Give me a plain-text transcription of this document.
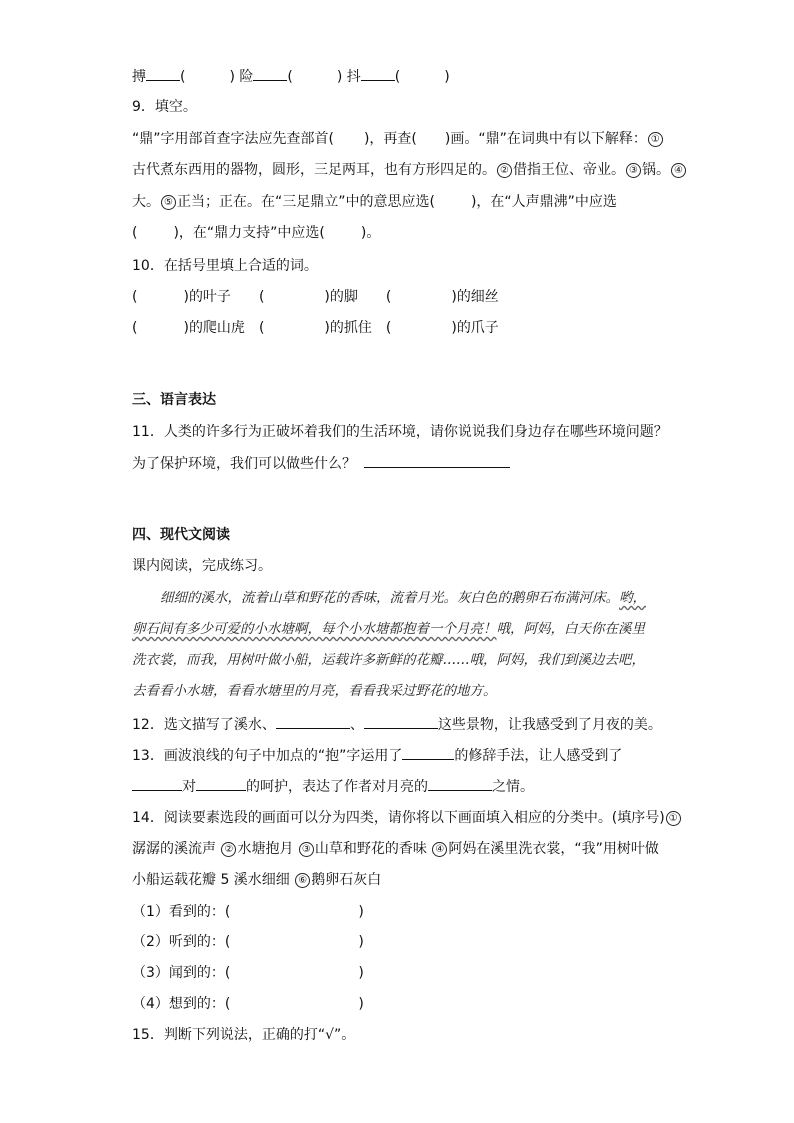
搏 (	) 险 (	) 抖 (	)
9．填空。
“鼎”字用部首查字法应先查部首( )，再查( )画。“鼎”在词典中有以下解释： ①
古代煮东西用的器物，圆形，三足两耳，也有方形四足的。 ② 借指王位、帝业。 ③ 锅。 ④
大。 ⑤ 正当；正在。在“三足鼎立”中的意思应选(	)，在“人声鼎沸”中应选
(	)，在“鼎力支持”中应选(	)。
10．在括号里填上合适的词。
(	)的叶子 (	)的脚 (	)的细丝
(	)的爬山虎 (	)的抓住 (	)的爪子
三、语言表达
11．人类的许多行为正破坏着我们的生活环境，请你说说我们身边存在哪些环境问题？
为了保护环境，我们可以做些什么？
四、现代文阅读
课内阅读，完成练习。
细细的溪水，流着山草和野花的香味，流着月光。灰白色的鹅卵石布满河床。哟，
卵石间有多少可爱的小水塘啊，每个小水塘都抱着一个月亮！哦，阿妈，白天你在溪里
洗衣裳，而我，用树叶做小船，运载许多新鲜的花瓣……哦，阿妈，我们到溪边去吧，
去看看小水塘，看看水塘里的月亮，看看我采过野花的地方。
12．选文描写了溪水、	、	这些景物，让我感受到了月夜的美。
13．画波浪线的句子中加点的“抱”字运用了	的修辞手法，让人感受到了
对	的呵护，表达了作者对月亮的	之情。
14．阅读要素选段的画面可以分为四类，请你将以下画面填入相应的分类中。(填序号) ①
潺潺的溪流声 ② 水塘抱月 ③ 山草和野花的香味 ④ 阿妈在溪里洗衣裳，“我”用树叶做
小船运载花瓣 5 溪水细细 ⑥ 鹅卵石灰白
（1）看到的：(	)
（2）听到的：(	)
（3）闻到的：(	)
（4）想到的：(	)
15．判断下列说法，正确的打“√”。
